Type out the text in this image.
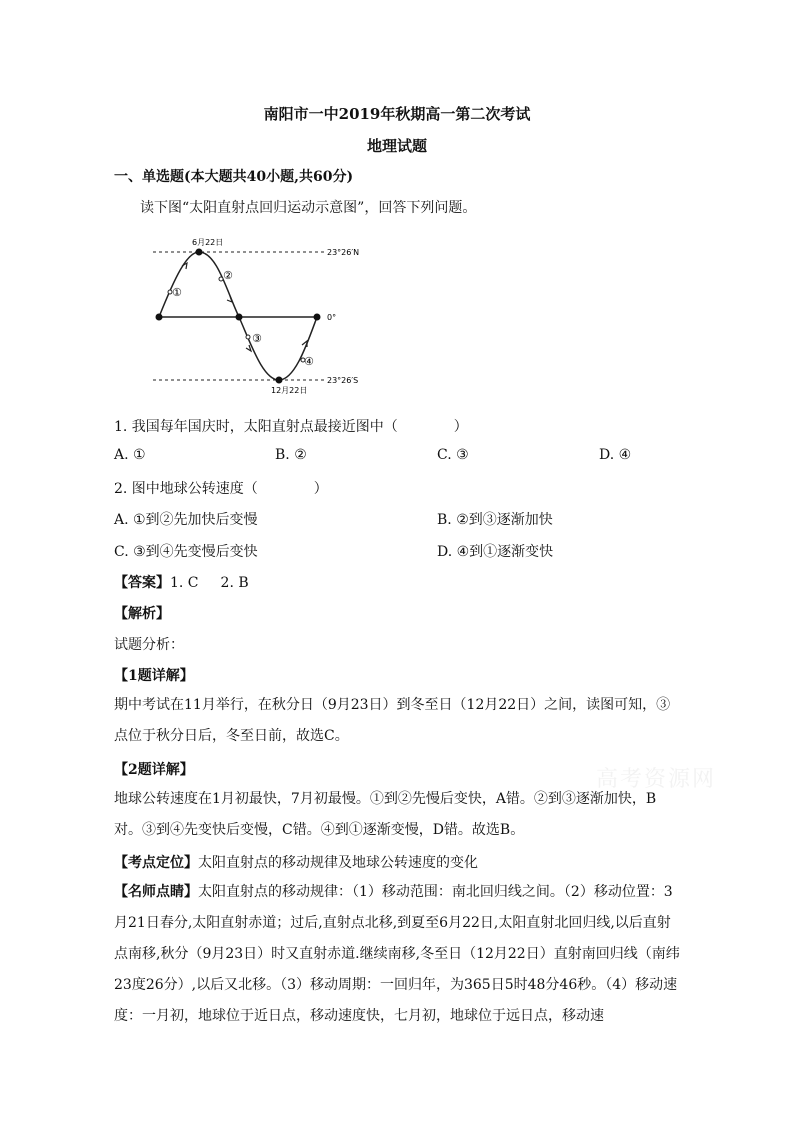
南阳市一中2019年秋期高一第二次考试
地理试题
一、单选题(本大题共40小题,共60分)
读下图“太阳直射点回归运动示意图”，回答下列问题。
6月22日
12月22日
23°26′N
0°
23°26′S
①
②
③
④
1. 我国每年国庆时，太阳直射点最接近图中（　　　　）
A. ①	B. ②	C. ③	D. ④
2. 图中地球公转速度（　　　　）
A. ①到②先加快后变慢	B. ②到③逐渐加快
C. ③到④先变慢后变快	D. ④到①逐渐变快
【答案】1. C 2. B
【解析】
试题分析：
【1题详解】
期中考试在11月举行，在秋分日（9月23日）到冬至日（12月22日）之间，读图可知，③点位于秋分日后，冬至日前，故选C。
【2题详解】
地球公转速度在1月初最快，7月初最慢。①到②先慢后变快，A错。②到③逐渐加快，B对。③到④先变快后变慢，C错。④到①逐渐变慢，D错。故选B。
【考点定位】太阳直射点的移动规律及地球公转速度的变化
【名师点睛】太阳直射点的移动规律：（1）移动范围：南北回归线之间。（2）移动位置：3月21日春分,太阳直射赤道；过后,直射点北移,到夏至6月22日,太阳直射北回归线,以后直射点南移,秋分（9月23日）时又直射赤道.继续南移,冬至日（12月22日）直射南回归线（南纬23度26分）,以后又北移。（3）移动周期：一回归年，为365日5时48分46秒。（4）移动速度：一月初，地球位于近日点，移动速度快，七月初，地球位于远日点，移动速
高考资源网
